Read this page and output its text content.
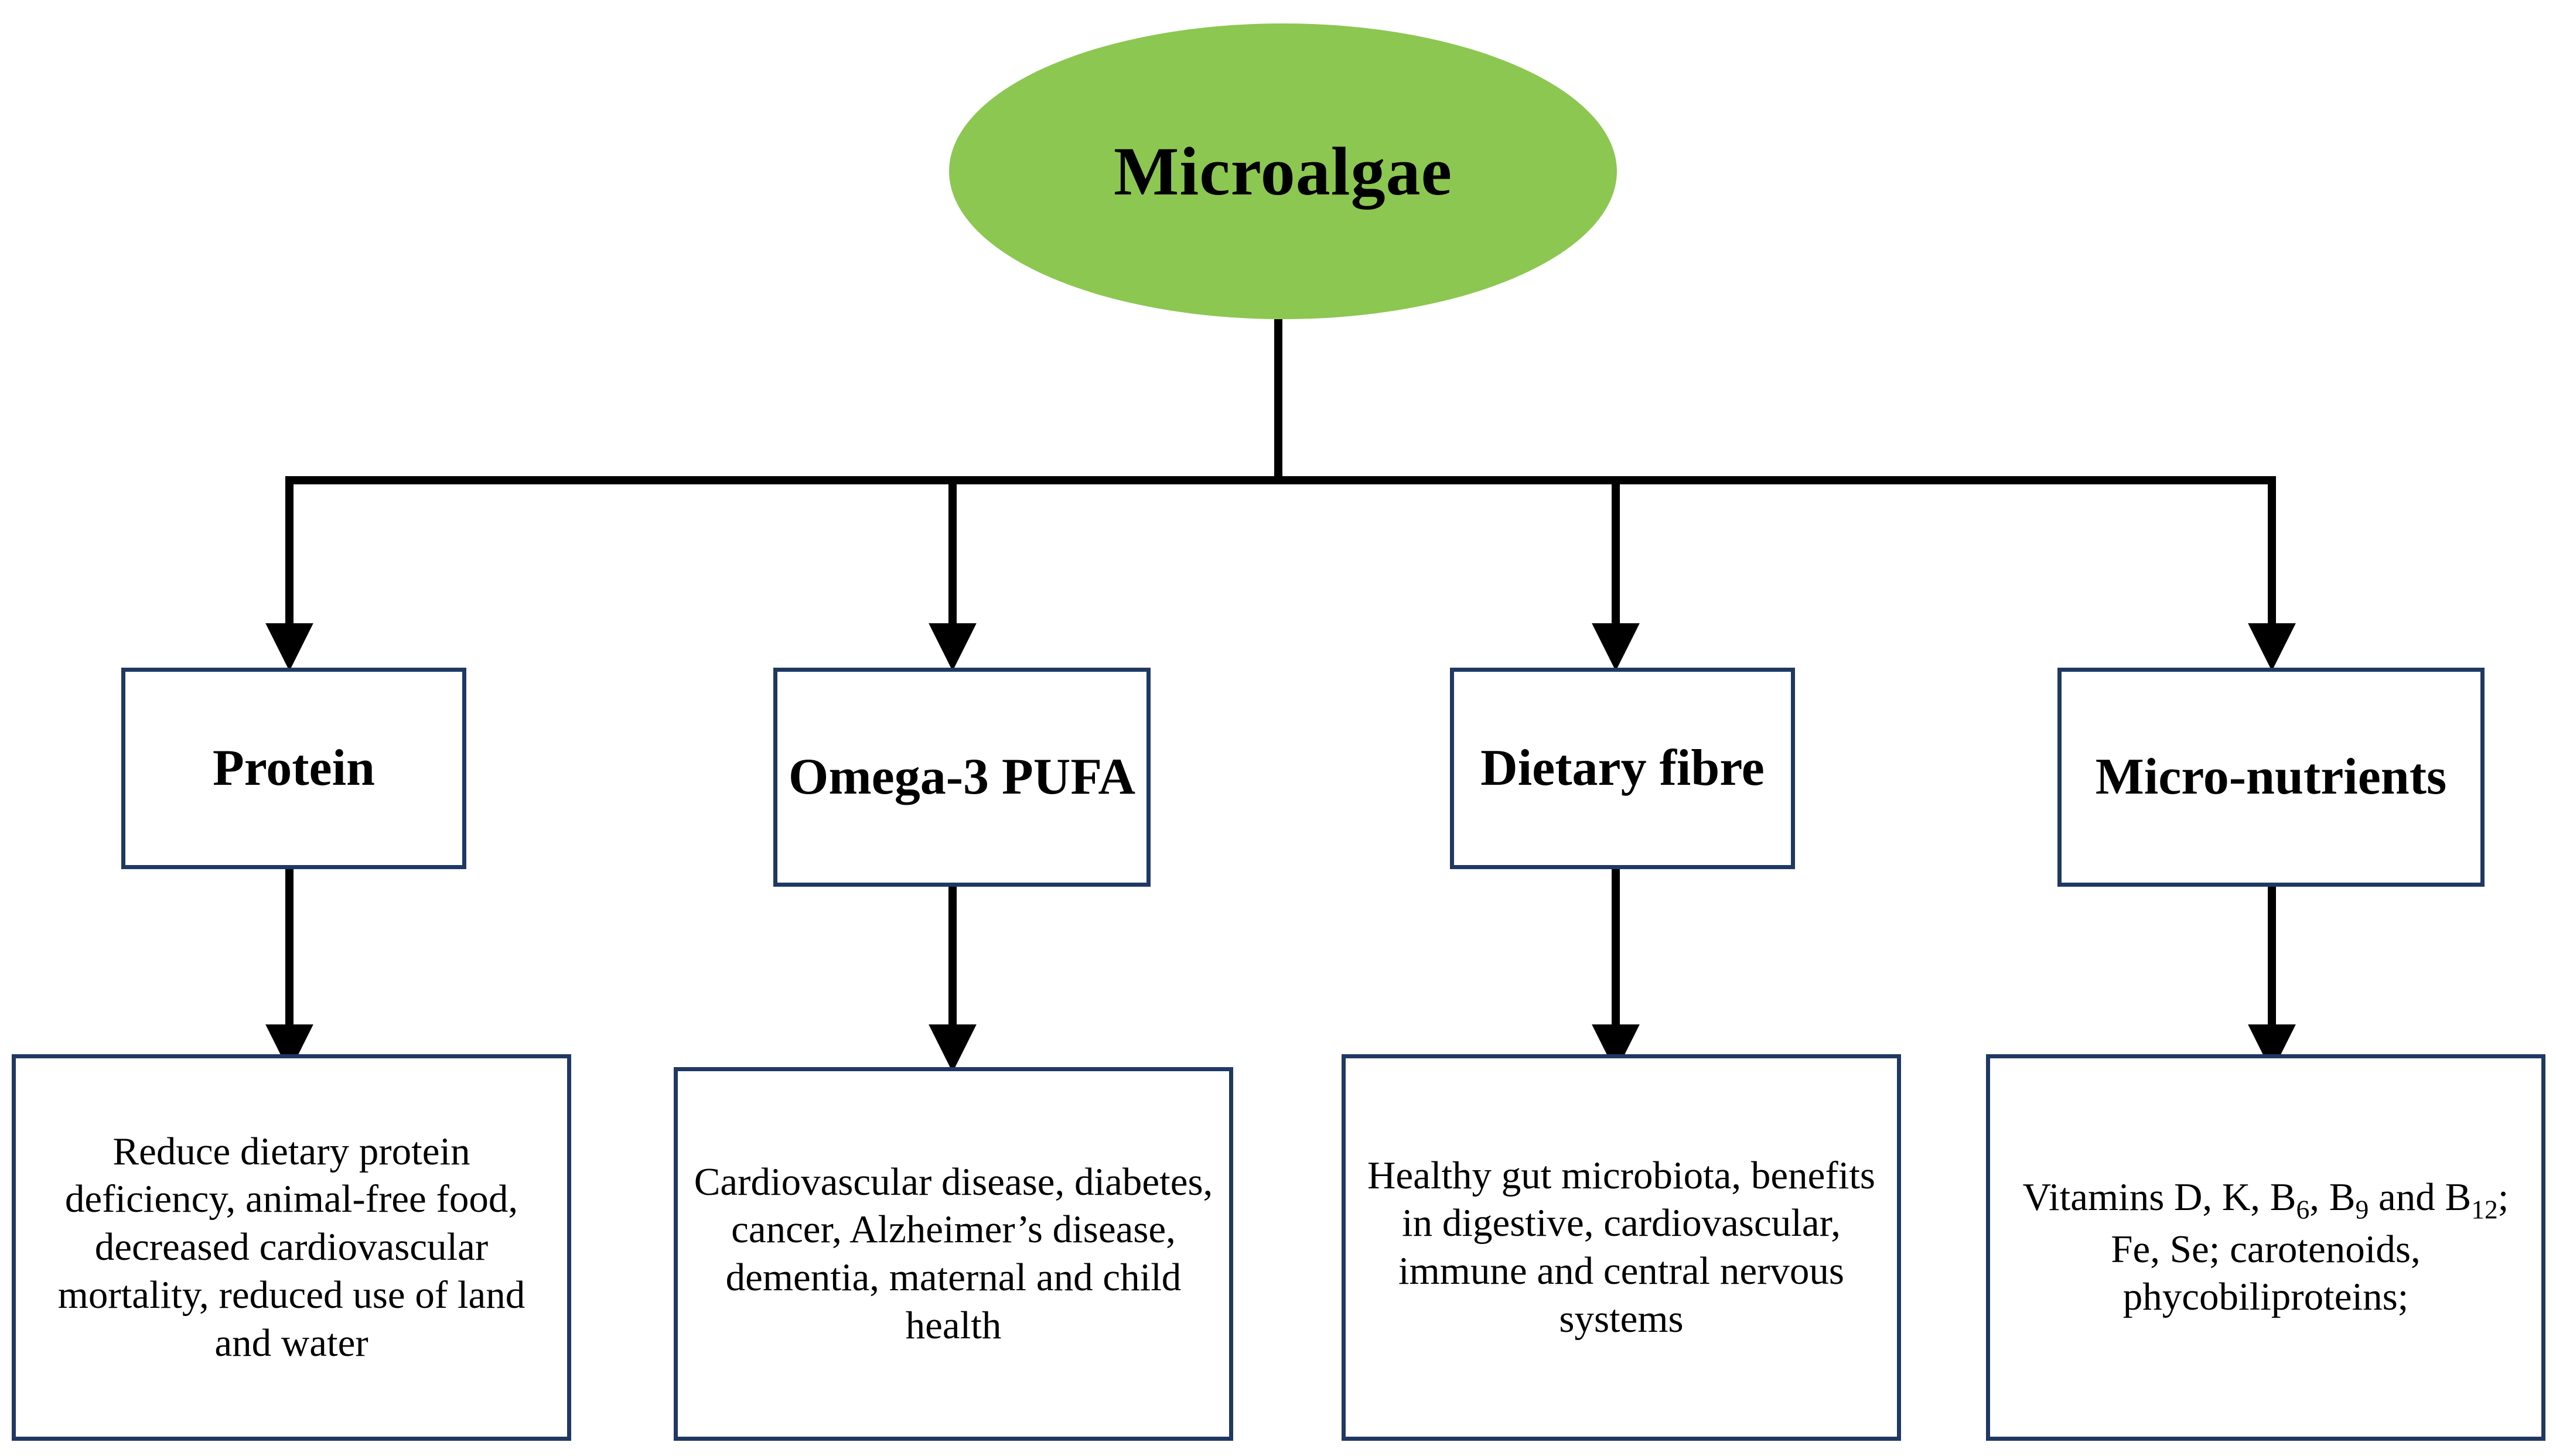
Microalgae
Protein	Omega-3 PUFA	Dietary fibre	Micro-nutrients
Reduce dietary protein deficiency, animal-free food, decreased cardiovascular mortality, reduced use of land and water
Cardiovascular disease, diabetes, cancer, Alzheimer’s disease, dementia, maternal and child health
Healthy gut microbiota, benefits in digestive, cardiovascular, immune and central nervous systems
Vitamins D, K, $B_6$, $B_9$ and $B_{12}$; Fe, Se; carotenoids, phycobiliproteins;
